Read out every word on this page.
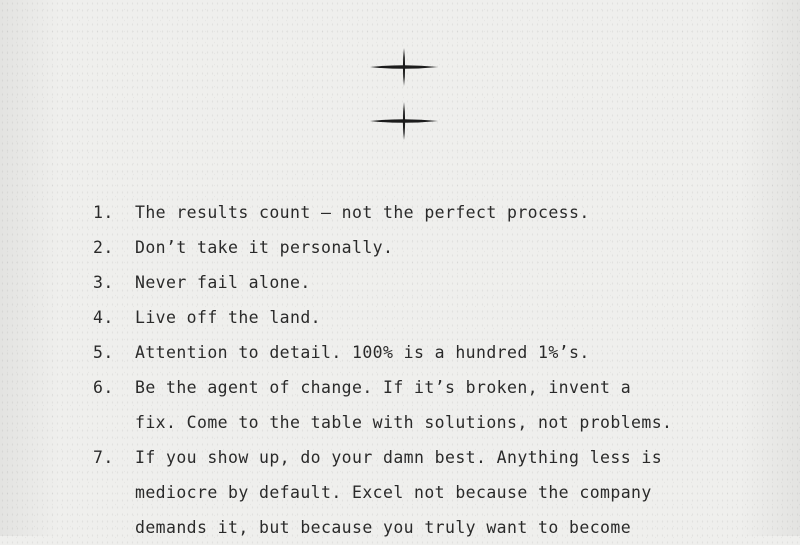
1. The results count — not the perfect process.
2. Don’t take it personally.
3. Never fail alone.
4. Live off the land.
5. Attention to detail. 100% is a hundred 1%’s.
6. Be the agent of change. If it’s broken, invent a
fix. Come to the table with solutions, not problems.
7. If you show up, do your damn best. Anything less is
mediocre by default. Excel not because the company
demands it, but because you truly want to become
